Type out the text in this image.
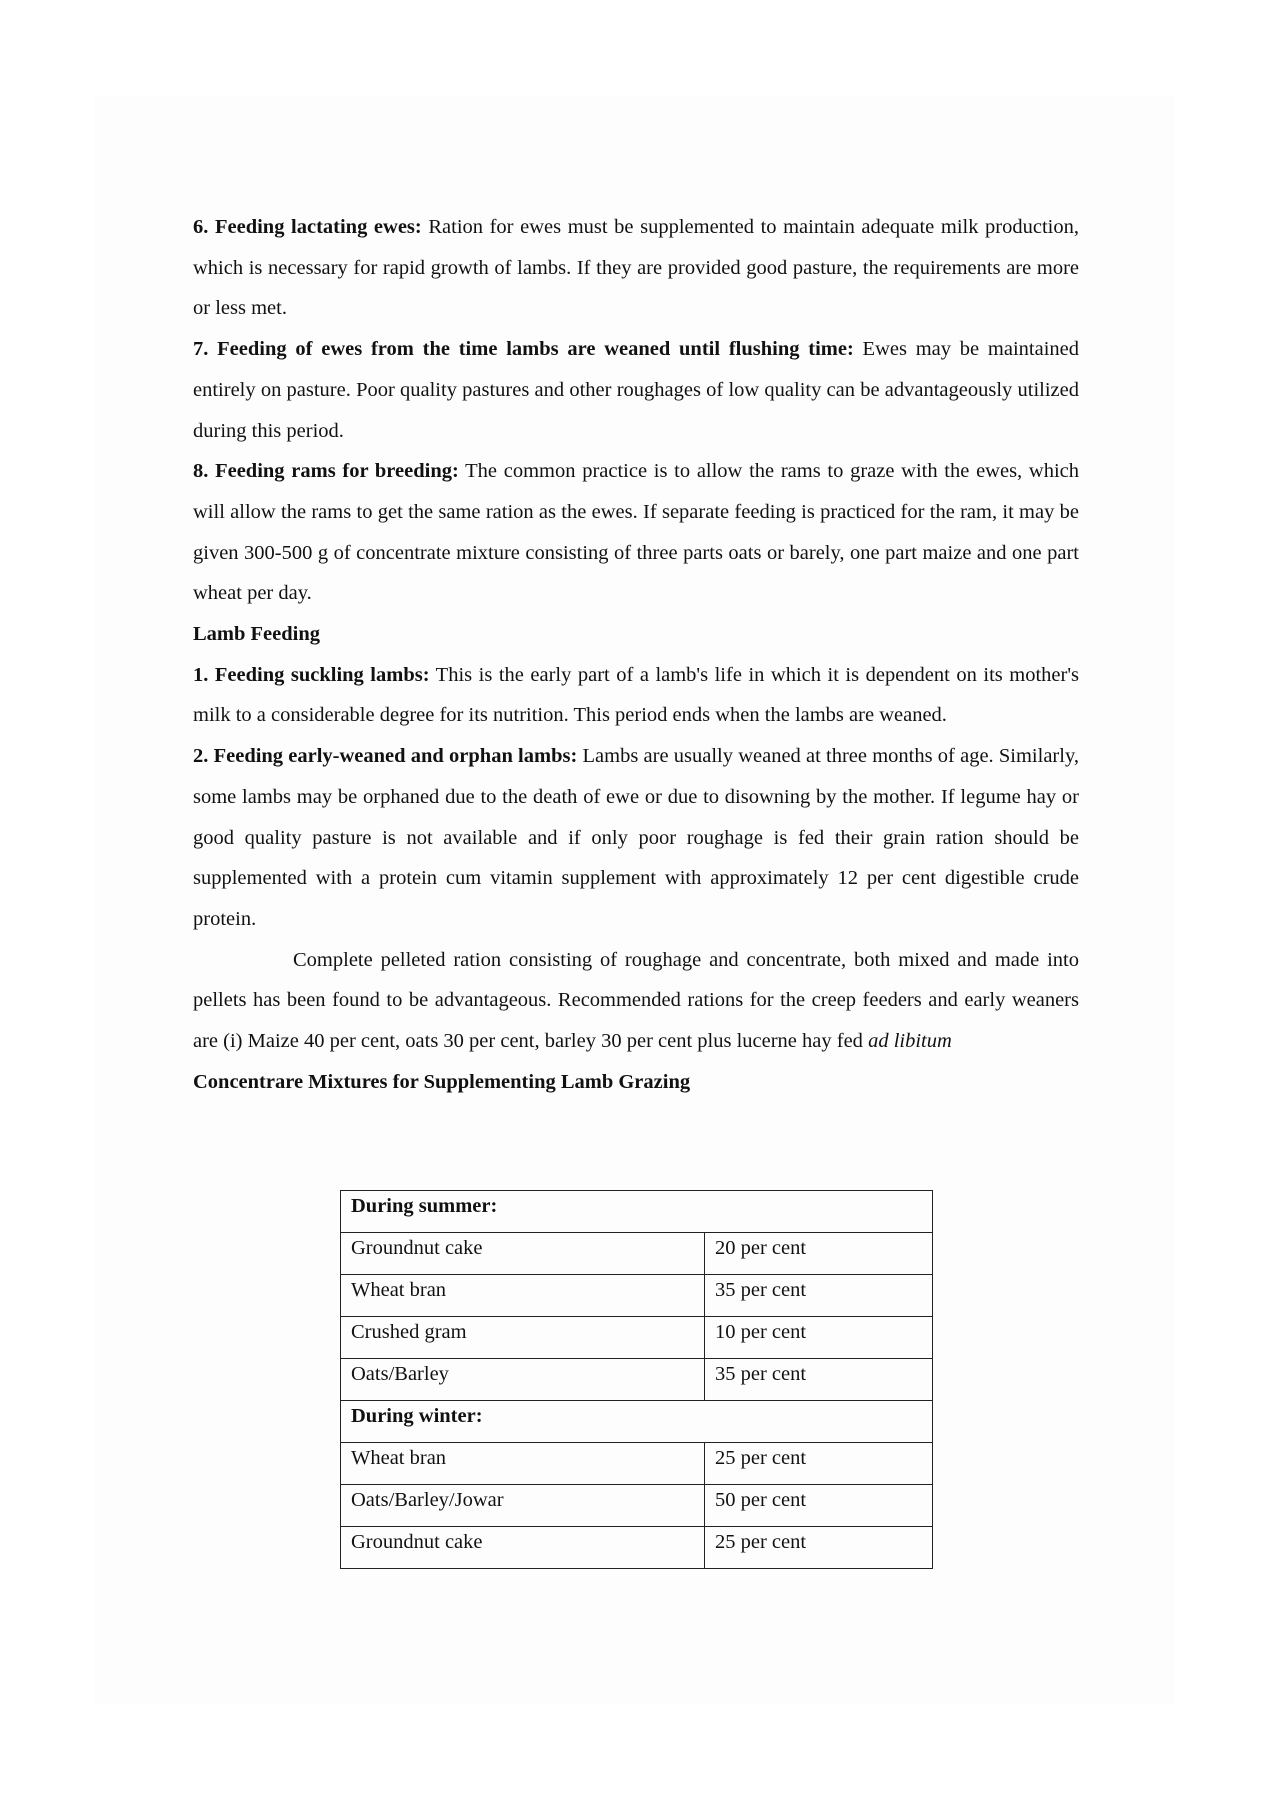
6. Feeding lactating ewes: Ration for ewes must be supplemented to maintain adequate milk production, which is necessary for rapid growth of lambs. If they are provided good pasture, the requirements are more or less met.

7. Feeding of ewes from the time lambs are weaned until flushing time: Ewes may be maintained entirely on pasture. Poor quality pastures and other roughages of low quality can be advantageously utilized during this period.

8. Feeding rams for breeding: The common practice is to allow the rams to graze with the ewes, which will allow the rams to get the same ration as the ewes. If separate feeding is practiced for the ram, it may be given 300-500 g of concentrate mixture consisting of three parts oats or barely, one part maize and one part wheat per day.

Lamb Feeding

1. Feeding suckling lambs: This is the early part of a lamb's life in which it is dependent on its mother's milk to a considerable degree for its nutrition. This period ends when the lambs are weaned.

2. Feeding early-weaned and orphan lambs: Lambs are usually weaned at three months of age. Similarly, some lambs may be orphaned due to the death of ewe or due to disowning by the mother. If legume hay or good quality pasture is not available and if only poor roughage is fed their grain ration should be supplemented with a protein cum vitamin supplement with approximately 12 per cent digestible crude protein.

Complete pelleted ration consisting of roughage and concentrate, both mixed and made into pellets has been found to be advantageous. Recommended rations for the creep feeders and early weaners are (i) Maize 40 per cent, oats 30 per cent, barley 30 per cent plus lucerne hay fed ad libitum

Concentrare Mixtures for Supplementing Lamb Grazing

During summer:	
Groundnut cake	20 per cent
Wheat bran	35 per cent
Crushed gram	10 per cent
Oats/Barley	35 per cent
During winter:	
Wheat bran	25 per cent
Oats/Barley/Jowar	50 per cent
Groundnut cake	25 per cent
